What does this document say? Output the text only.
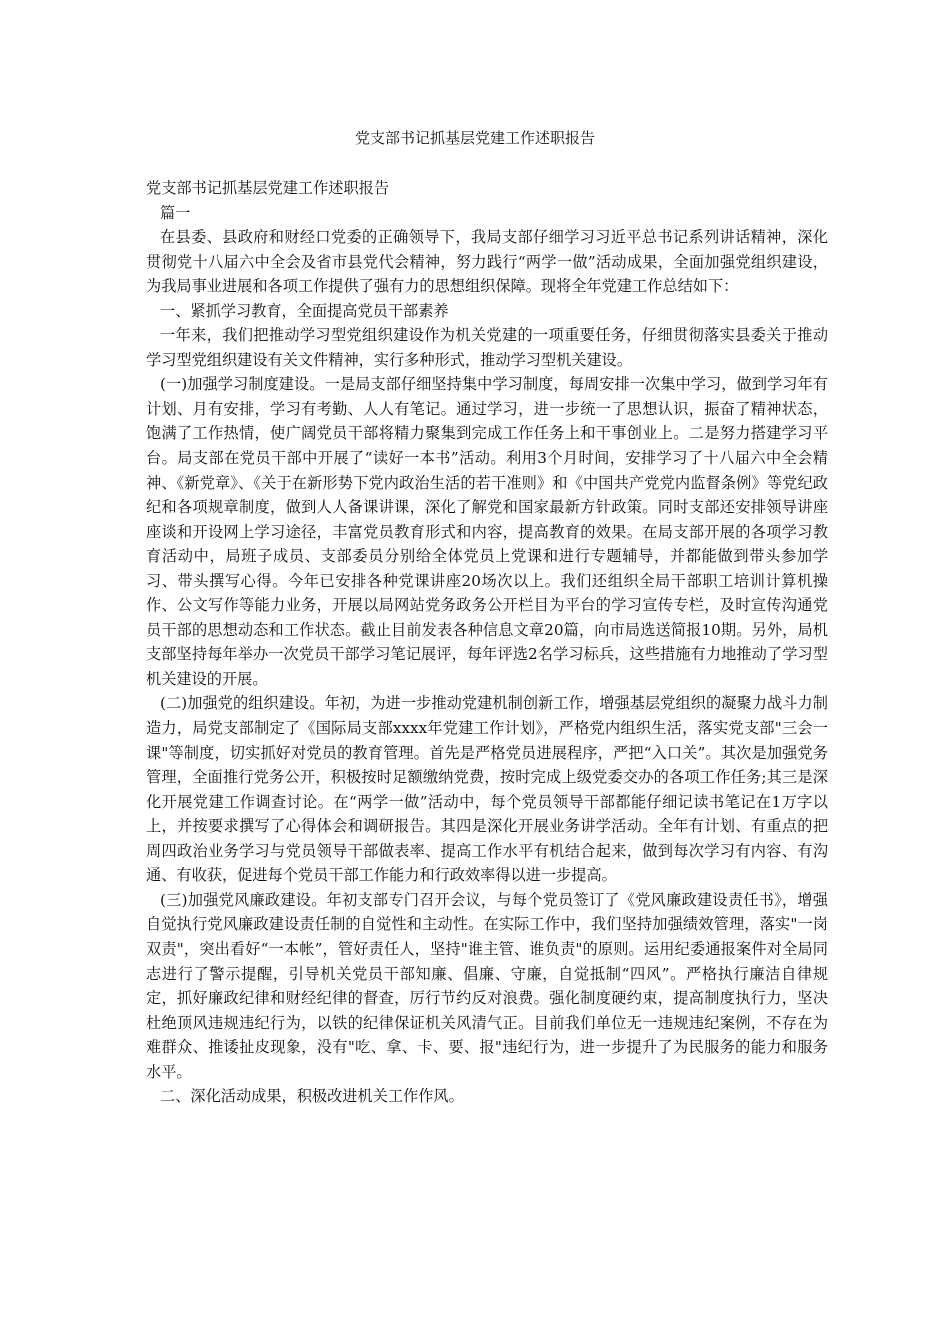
党支部书记抓基层党建工作述职报告

党支部书记抓基层党建工作述职报告

篇一

在县委、县政府和财经口党委的正确领导下，我局支部仔细学习习近平总书记系列讲话精神，深化贯彻党十八届六中全会及省市县党代会精神，努力践行“两学一做”活动成果，全面加强党组织建设，为我局事业进展和各项工作提供了强有力的思想组织保障。现将全年党建工作总结如下：

一、紧抓学习教育，全面提高党员干部素养

一年来，我们把推动学习型党组织建设作为机关党建的一项重要任务，仔细贯彻落实县委关于推动学习型党组织建设有关文件精神，实行多种形式，推动学习型机关建设。

(一)加强学习制度建设。一是局支部仔细坚持集中学习制度，每周安排一次集中学习，做到学习年有计划、月有安排，学习有考勤、人人有笔记。通过学习，进一步统一了思想认识，振奋了精神状态，饱满了工作热情，使广阔党员干部将精力聚集到完成工作任务上和干事创业上。二是努力搭建学习平台。局支部在党员干部中开展了“读好一本书”活动。利用3个月时间，安排学习了十八届六中全会精神、《新党章》、《关于在新形势下党内政治生活的若干准则》和《中国共产党党内监督条例》等党纪政纪和各项规章制度，做到人人备课讲课，深化了解党和国家最新方针政策。同时支部还安排领导讲座座谈和开设网上学习途径，丰富党员教育形式和内容，提高教育的效果。在局支部开展的各项学习教育活动中，局班子成员、支部委员分别给全体党员上党课和进行专题辅导，并都能做到带头参加学习、带头撰写心得。今年已安排各种党课讲座20场次以上。我们还组织全局干部职工培训计算机操作、公文写作等能力业务，开展以局网站党务政务公开栏目为平台的学习宣传专栏，及时宣传沟通党员干部的思想动态和工作状态。截止目前发表各种信息文章20篇，向市局选送简报10期。另外，局机支部坚持每年举办一次党员干部学习笔记展评，每年评选2名学习标兵，这些措施有力地推动了学习型机关建设的开展。

(二)加强党的组织建设。年初，为进一步推动党建机制创新工作，增强基层党组织的凝聚力战斗力制造力，局党支部制定了《国际局支部xxxx年党建工作计划》，严格党内组织生活，落实党支部"三会一课"等制度，切实抓好对党员的教育管理。首先是严格党员进展程序，严把“入口关”。其次是加强党务管理，全面推行党务公开，积极按时足额缴纳党费，按时完成上级党委交办的各项工作任务;其三是深化开展党建工作调查讨论。在“两学一做”活动中，每个党员领导干部都能仔细记读书笔记在1万字以上，并按要求撰写了心得体会和调研报告。其四是深化开展业务讲学活动。全年有计划、有重点的把周四政治业务学习与党员领导干部做表率、提高工作水平有机结合起来，做到每次学习有内容、有沟通、有收获，促进每个党员干部工作能力和行政效率得以进一步提高。

(三)加强党风廉政建设。年初支部专门召开会议，与每个党员签订了《党风廉政建设责任书》，增强自觉执行党风廉政建设责任制的自觉性和主动性。在实际工作中，我们坚持加强绩效管理，落实"一岗双责"，突出看好“一本帐”，管好责任人，坚持"谁主管、谁负责"的原则。运用纪委通报案件对全局同志进行了警示提醒，引导机关党员干部知廉、倡廉、守廉，自觉抵制“四风”。严格执行廉洁自律规定，抓好廉政纪律和财经纪律的督查，厉行节约反对浪费。强化制度硬约束，提高制度执行力，坚决杜绝顶风违规违纪行为，以铁的纪律保证机关风清气正。目前我们单位无一违规违纪案例，不存在为难群众、推诿扯皮现象，没有"吃、拿、卡、要、报"违纪行为，进一步提升了为民服务的能力和服务水平。

二、深化活动成果，积极改进机关工作作风。
